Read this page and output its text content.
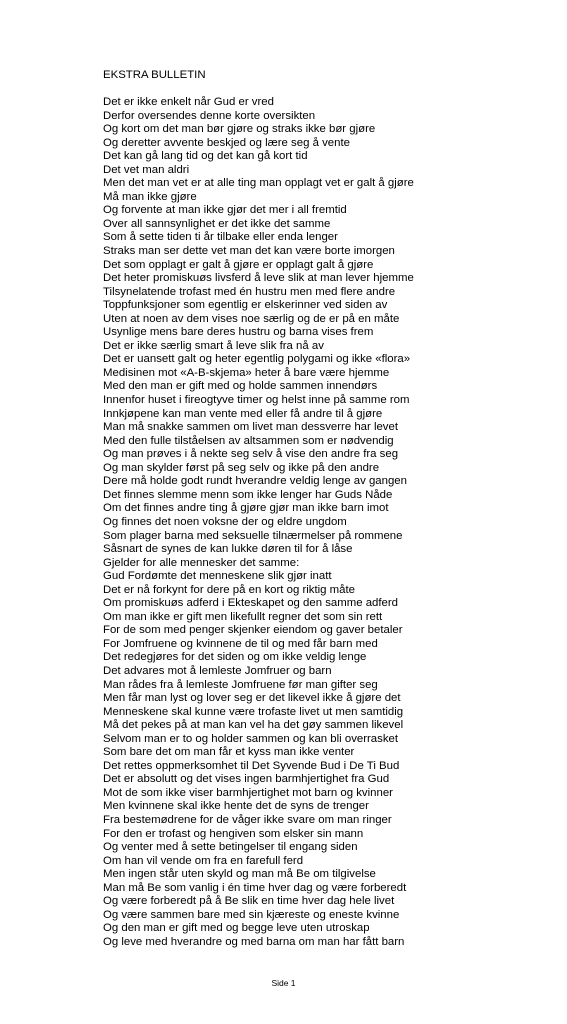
EKSTRA BULLETIN
Det er ikke enkelt når Gud er vred
Derfor oversendes denne korte oversikten
Og kort om det man bør gjøre og straks ikke bør gjøre
Og deretter avvente beskjed og lære seg å vente
Det kan gå lang tid og det kan gå kort tid
Det vet man aldri
Men det man vet er at alle ting man opplagt vet er galt å gjøre
Må man ikke gjøre
Og forvente at man ikke gjør det mer i all fremtid
Over all sannsynlighet er det ikke det samme
Som å sette tiden ti år tilbake eller enda lenger
Straks man ser dette vet man det kan være borte imorgen
Det som opplagt er galt å gjøre er opplagt galt å gjøre
Det heter promiskuøs livsferd å leve slik at man lever hjemme
Tilsynelatende trofast med én hustru men med flere andre
Toppfunksjoner som egentlig er elskerinner ved siden av
Uten at noen av dem vises noe særlig og de er på en måte
Usynlige mens bare deres hustru og barna vises frem
Det er ikke særlig smart å leve slik fra nå av
Det er uansett galt og heter egentlig polygami og ikke «flora»
Medisinen mot «A-B-skjema» heter å bare være hjemme
Med den man er gift med og holde sammen innendørs
Innenfor huset i fireogtyve timer og helst inne på samme rom
Innkjøpene kan man vente med eller få andre til å gjøre
Man må snakke sammen om livet man dessverre har levet
Med den fulle tilståelsen av altsammen som er nødvendig
Og man prøves i å nekte seg selv å vise den andre fra seg
Og man skylder først på seg selv og ikke på den andre
Dere må holde godt rundt hverandre veldig lenge av gangen
Det finnes slemme menn som ikke lenger har Guds Nåde
Om det finnes andre ting å gjøre gjør man ikke barn imot
Og finnes det noen voksne der og eldre ungdom
Som plager barna med seksuelle tilnærmelser på rommene
Såsnart de synes de kan lukke døren til for å låse
Gjelder for alle mennesker det samme:
Gud Fordømte det menneskene slik gjør inatt
Det er nå forkynt for dere på en kort og riktig måte
Om promiskuøs adferd i Ekteskapet og den samme adferd
Om man ikke er gift men likefullt regner det som sin rett
For de som med penger skjenker eiendom og gaver betaler
For Jomfruene og kvinnene de til og med får barn med
Det redegjøres for det siden og om ikke veldig lenge
Det advares mot å lemleste Jomfruer og barn
Man rådes fra å lemleste Jomfruene før man gifter seg
Men får man lyst og lover seg er det likevel ikke å gjøre det
Menneskene skal kunne være trofaste livet ut men samtidig
Må det pekes på at man kan vel ha det gøy sammen likevel
Selvom man er to og holder sammen og kan bli overrasket
Som bare det om man får et kyss man ikke venter
Det rettes oppmerksomhet til Det Syvende Bud i De Ti Bud
Det er absolutt og det vises ingen barmhjertighet fra Gud
Mot de som ikke viser barmhjertighet mot barn og kvinner
Men kvinnene skal ikke hente det de syns de trenger
Fra bestemødrene for de våger ikke svare om man ringer
For den er trofast og hengiven som elsker sin mann
Og venter med å sette betingelser til engang siden
Om han vil vende om fra en farefull ferd
Men ingen står uten skyld og man må Be om tilgivelse
Man må Be som vanlig i én time hver dag og være forberedt
Og være forberedt på å Be slik en time hver dag hele livet
Og være sammen bare med sin kjæreste og eneste kvinne
Og den man er gift med og begge leve uten utroskap
Og leve med hverandre og med barna om man har fått barn
Side 1
